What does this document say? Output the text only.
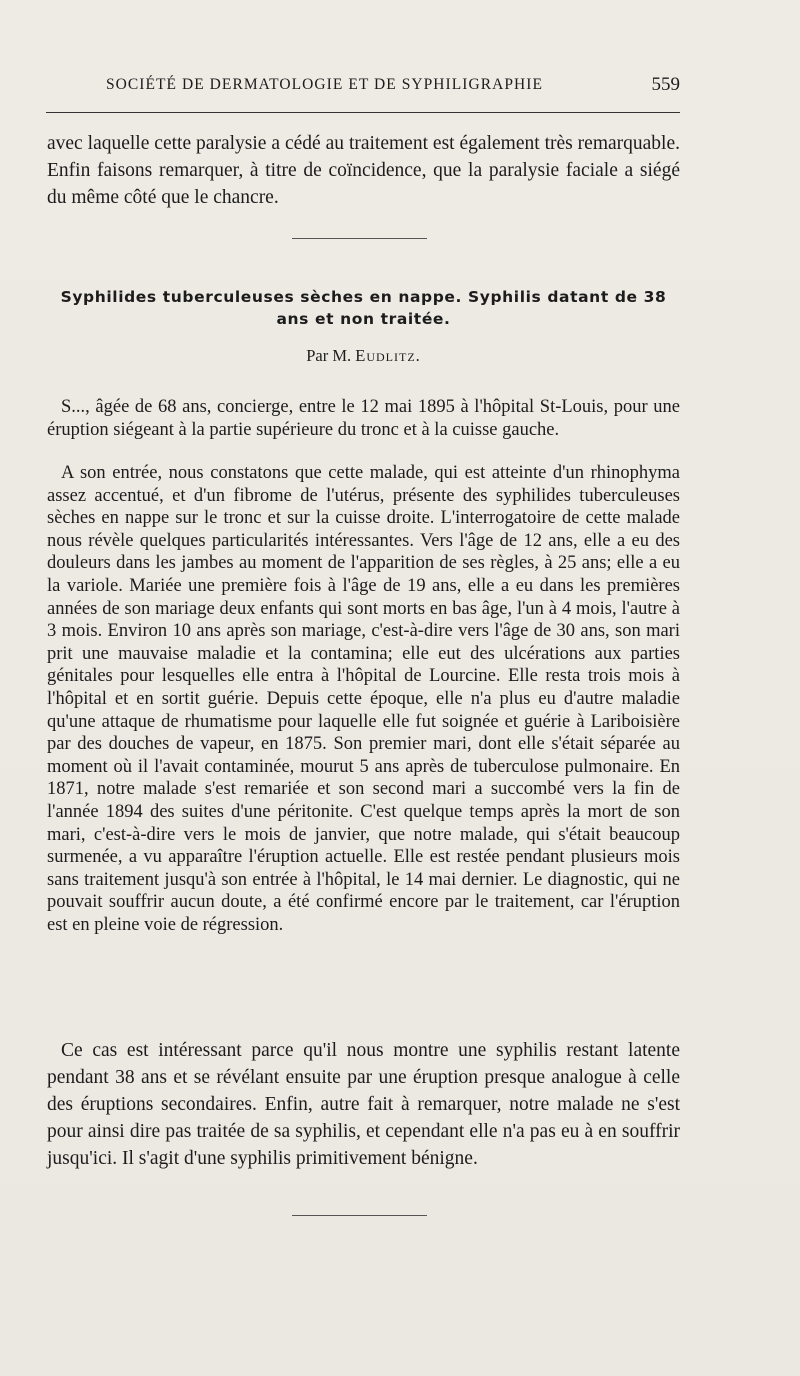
SOCIÉTÉ DE DERMATOLOGIE ET DE SYPHILIGRAPHIE	559

avec laquelle cette paralysie a cédé au traitement est également très remarquable. Enfin faisons remarquer, à titre de coïncidence, que la paralysie faciale a siégé du même côté que le chancre.

Syphilides tuberculeuses sèches en nappe. Syphilis datant de 38 ans et non traitée.
Par M. Eudlitz.

S..., âgée de 68 ans, concierge, entre le 12 mai 1895 à l'hôpital St-Louis, pour une éruption siégeant à la partie supérieure du tronc et à la cuisse gauche.

A son entrée, nous constatons que cette malade, qui est atteinte d'un rhinophyma assez accentué, et d'un fibrome de l'utérus, présente des syphilides tuberculeuses sèches en nappe sur le tronc et sur la cuisse droite. L'interrogatoire de cette malade nous révèle quelques particularités intéressantes. Vers l'âge de 12 ans, elle a eu des douleurs dans les jambes au moment de l'apparition de ses règles, à 25 ans; elle a eu la variole. Mariée une première fois à l'âge de 19 ans, elle a eu dans les premières années de son mariage deux enfants qui sont morts en bas âge, l'un à 4 mois, l'autre à 3 mois. Environ 10 ans après son mariage, c'est-à-dire vers l'âge de 30 ans, son mari prit une mauvaise maladie et la contamina; elle eut des ulcérations aux parties génitales pour lesquelles elle entra à l'hôpital de Lourcine. Elle resta trois mois à l'hôpital et en sortit guérie. Depuis cette époque, elle n'a plus eu d'autre maladie qu'une attaque de rhumatisme pour laquelle elle fut soignée et guérie à Lariboisière par des douches de vapeur, en 1875. Son premier mari, dont elle s'était séparée au moment où il l'avait contaminée, mourut 5 ans après de tuberculose pulmonaire. En 1871, notre malade s'est remariée et son second mari a succombé vers la fin de l'année 1894 des suites d'une péritonite. C'est quelque temps après la mort de son mari, c'est-à-dire vers le mois de janvier, que notre malade, qui s'était beaucoup surmenée, a vu apparaître l'éruption actuelle. Elle est restée pendant plusieurs mois sans traitement jusqu'à son entrée à l'hôpital, le 14 mai dernier. Le diagnostic, qui ne pouvait souffrir aucun doute, a été confirmé encore par le traitement, car l'éruption est en pleine voie de régression.

Ce cas est intéressant parce qu'il nous montre une syphilis restant latente pendant 38 ans et se révélant ensuite par une éruption presque analogue à celle des éruptions secondaires. Enfin, autre fait à remarquer, notre malade ne s'est pour ainsi dire pas traitée de sa syphilis, et cependant elle n'a pas eu à en souffrir jusqu'ici. Il s'agit d'une syphilis primitivement bénigne.
